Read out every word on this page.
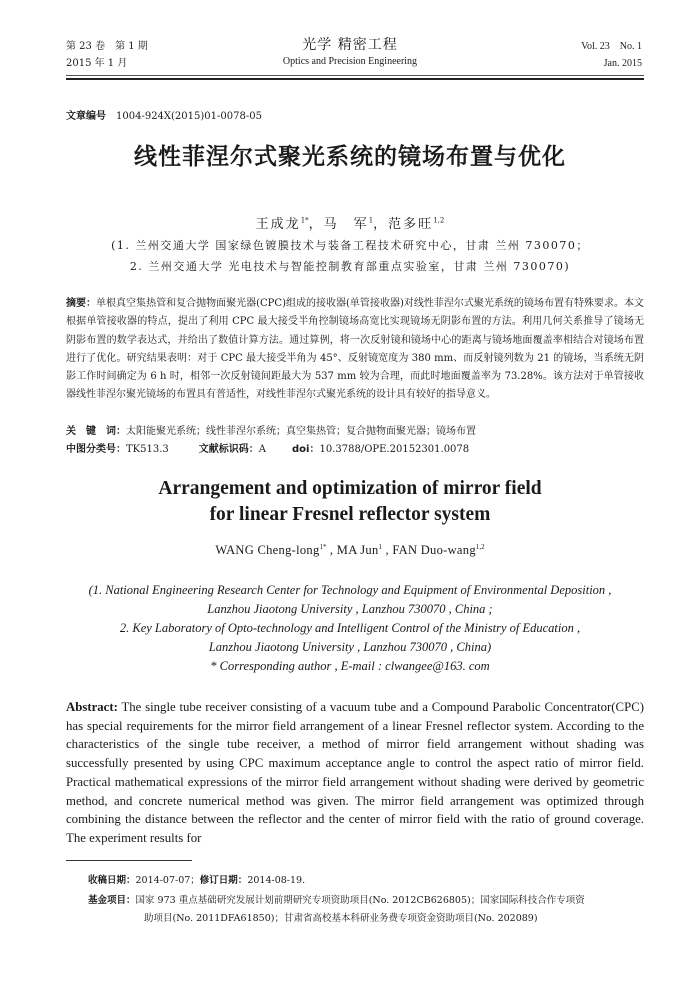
第 23 卷　第 1 期
2015 年 1 月
光学 精密工程
Optics and Precision Engineering
Vol. 23　No. 1
Jan. 2015
文章编号 1004-924X(2015)01-0078-05
线性菲涅尔式聚光系统的镜场布置与优化
王成龙$^{1*}$，马　军$^1$，范多旺$^{1,2}$
(1. 兰州交通大学 国家绿色镀膜技术与装备工程技术研究中心，甘肃 兰州 730070；
2. 兰州交通大学 光电技术与智能控制教育部重点实验室，甘肃 兰州 730070)
摘要：单根真空集热管和复合抛物面聚光器(CPC)组成的接收器(单管接收器)对线性菲涅尔式聚光系统的镜场布置有特殊要求。本文根据单管接收器的特点，提出了利用 CPC 最大接受半角控制镜场高宽比实现镜场无阴影布置的方法。利用几何关系推导了镜场无阴影布置的数学表达式，并给出了数值计算方法。通过算例，将一次反射镜和镜场中心的距离与镜场地面覆盖率相结合对镜场布置进行了优化。研究结果表明：对于 CPC 最大接受半角为 45°、反射镜宽度为 380 mm、而反射镜列数为 21 的镜场，当系统无阴影工作时间确定为 6 h 时，相邻一次反射镜间距最大为 537 mm 较为合理，而此时地面覆盖率为 73.28%。该方法对于单管接收器线性菲涅尔聚光镜场的布置具有普适性，对线性菲涅尔式聚光系统的设计具有较好的指导意义。
关　键　词：太阳能聚光系统；线性菲涅尔系统；真空集热管；复合抛物面聚光器；镜场布置
中图分类号：TK513.3	文献标识码：A	doi：10.3788/OPE.20152301.0078
Arrangement and optimization of mirror field
for linear Fresnel reflector system
WANG Cheng-long$^{1*}$ , MA Jun$^1$ , FAN Duo-wang$^{1,2}$
(1. National Engineering Research Center for Technology and Equipment of Environmental Deposition ,
Lanzhou Jiaotong University , Lanzhou 730070 , China ;
2. Key Laboratory of Opto-technology and Intelligent Control of the Ministry of Education ,
Lanzhou Jiaotong University , Lanzhou 730070 , China)
* Corresponding author , E-mail : clwangee@163. com
Abstract: The single tube receiver consisting of a vacuum tube and a Compound Parabolic Concentrator(CPC) has special requirements for the mirror field arrangement of a linear Fresnel reflector system. According to the characteristics of the single tube receiver, a method of mirror field arrangement without shading was successfully presented by using CPC maximum acceptance angle to control the aspect ratio of mirror field. Practical mathematical expressions of the mirror field arrangement without shading were derived by geometric method, and concrete numerical method was given. The mirror field arrangement was optimized through combining the distance between the reflector and the center of mirror field with the ratio of ground coverage. The experiment results for
收稿日期：2014-07-07；修订日期：2014-08-19.
基金项目：国家 973 重点基础研究发展计划前期研究专项资助项目(No. 2012CB626805)；国家国际科技合作专项资
助项目(No. 2011DFA61850)；甘肃省高校基本科研业务费专项资金资助项目(No. 202089)
